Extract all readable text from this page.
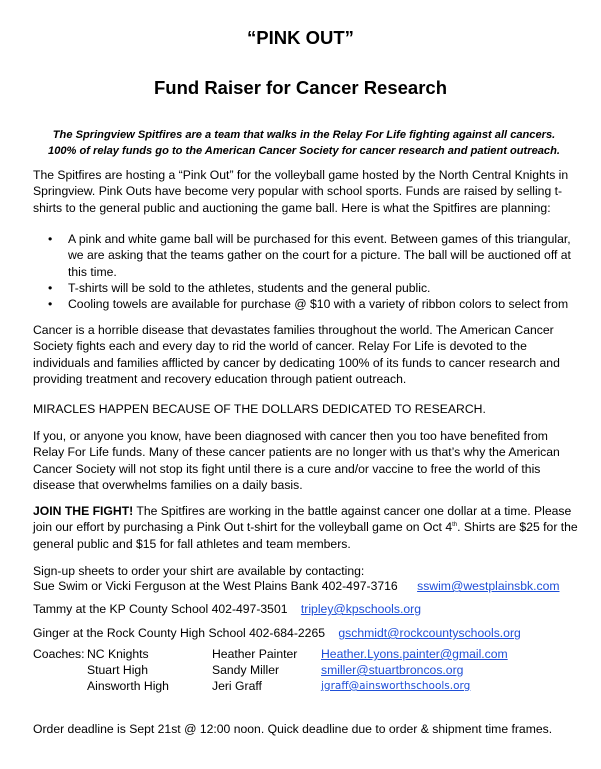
“PINK OUT”
Fund Raiser for Cancer Research
The Springview Spitfires are a team that walks in the Relay For Life fighting against all cancers.
100% of relay funds go to the American Cancer Society for cancer research and patient outreach.

The Spitfires are hosting a “Pink Out” for the volleyball game hosted by the North Central Knights in Springview. Pink Outs have become very popular with school sports. Funds are raised by selling t-shirts to the general public and auctioning the game ball. Here is what the Spitfires are planning:

• A pink and white game ball will be purchased for this event. Between games of this triangular, we are asking that the teams gather on the court for a picture. The ball will be auctioned off at this time.
• T-shirts will be sold to the athletes, students and the general public.
• Cooling towels are available for purchase @ $10 with a variety of ribbon colors to select from

Cancer is a horrible disease that devastates families throughout the world. The American Cancer Society fights each and every day to rid the world of cancer. Relay For Life is devoted to the individuals and families afflicted by cancer by dedicating 100% of its funds to cancer research and providing treatment and recovery education through patient outreach.

MIRACLES HAPPEN BECAUSE OF THE DOLLARS DEDICATED TO RESEARCH.

If you, or anyone you know, have been diagnosed with cancer then you too have benefited from Relay For Life funds. Many of these cancer patients are no longer with us that’s why the American Cancer Society will not stop its fight until there is a cure and/or vaccine to free the world of this disease that overwhelms families on a daily basis.

JOIN THE FIGHT! The Spitfires are working in the battle against cancer one dollar at a time. Please join our effort by purchasing a Pink Out t-shirt for the volleyball game on Oct 4th. Shirts are $25 for the general public and $15 for fall athletes and team members.

Sign-up sheets to order your shirt are available by contacting:
Sue Swim or Vicki Ferguson at the West Plains Bank 402-497-3716 sswim@westplainsbk.com
Tammy at the KP County School 402-497-3501 tripley@kpschools.org
Ginger at the Rock County High School 402-684-2265 gschmidt@rockcountyschools.org
Coaches: NC Knights	Heather Painter Heather.Lyons.painter@gmail.com
Stuart High	Sandy Miller	smiller@stuartbroncos.org
Ainsworth High	Jeri Graff	jgraff@ainsworthschools.org
Order deadline is Sept 21st @ 12:00 noon. Quick deadline due to order & shipment time frames.
